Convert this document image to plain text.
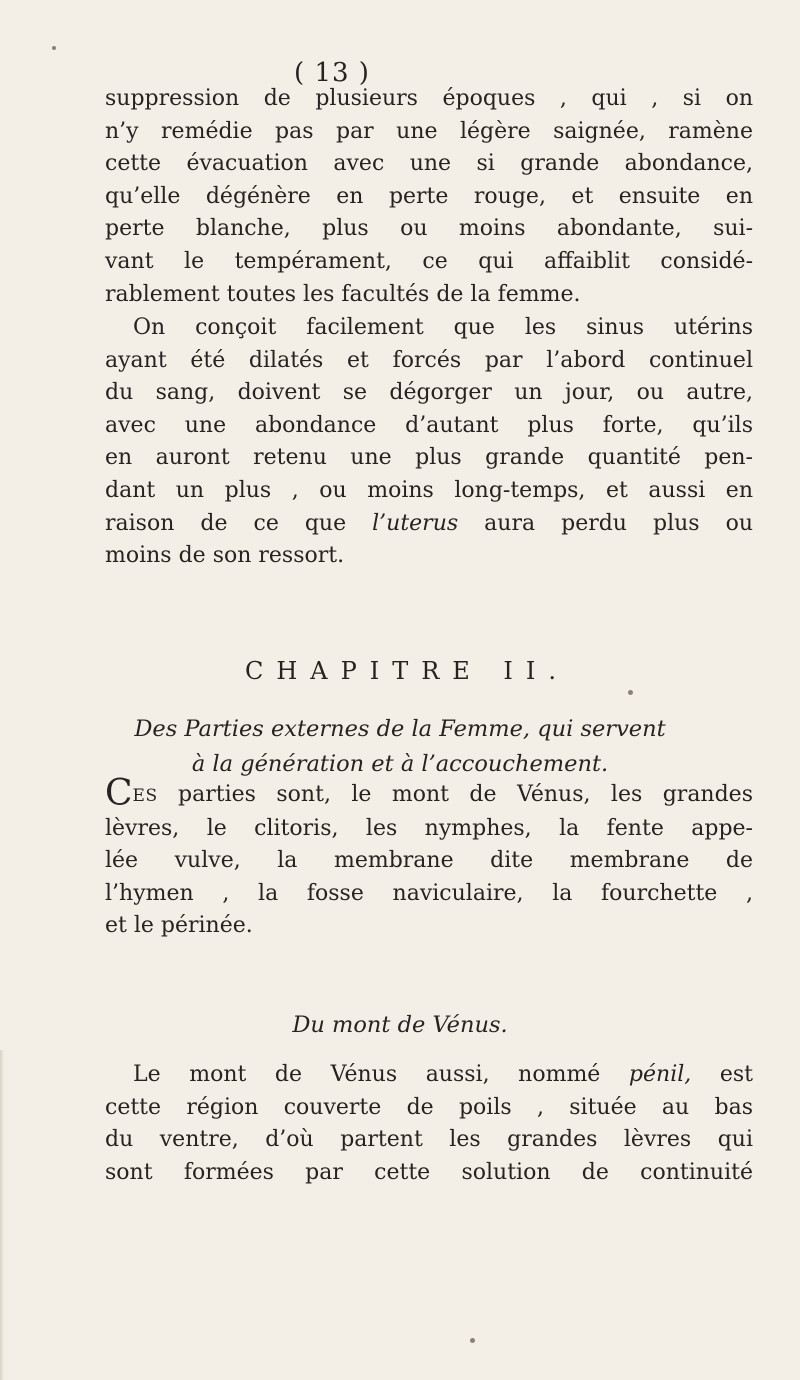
( 13 )
suppression de plusieurs époques , qui , si on
n’y remédie pas par une légère saignée, ramène
cette évacuation avec une si grande abondance,
qu’elle dégénère en perte rouge, et ensuite en
perte blanche, plus ou moins abondante, sui-
vant le tempérament, ce qui affaiblit considé-
rablement toutes les facultés de la femme.
On conçoit facilement que les sinus utérins
ayant été dilatés et forcés par l’abord continuel
du sang, doivent se dégorger un jour, ou autre,
avec une abondance d’autant plus forte, qu’ils
en auront retenu une plus grande quantité pen-
dant un plus , ou moins long-temps, et aussi en
raison de ce que l’uterus aura perdu plus ou
moins de son ressort.
CHAPITRE II.
Des Parties externes de la Femme, qui servent
à la génération et à l’accouchement.
CES parties sont, le mont de Vénus, les grandes
lèvres, le clitoris, les nymphes, la fente appe-
lée vulve, la membrane dite membrane de
l’hymen , la fosse naviculaire, la fourchette ,
et le périnée.
Du mont de Vénus.
Le mont de Vénus aussi, nommé pénil, est
cette région couverte de poils , située au bas
du ventre, d’où partent les grandes lèvres qui
sont formées par cette solution de continuité
